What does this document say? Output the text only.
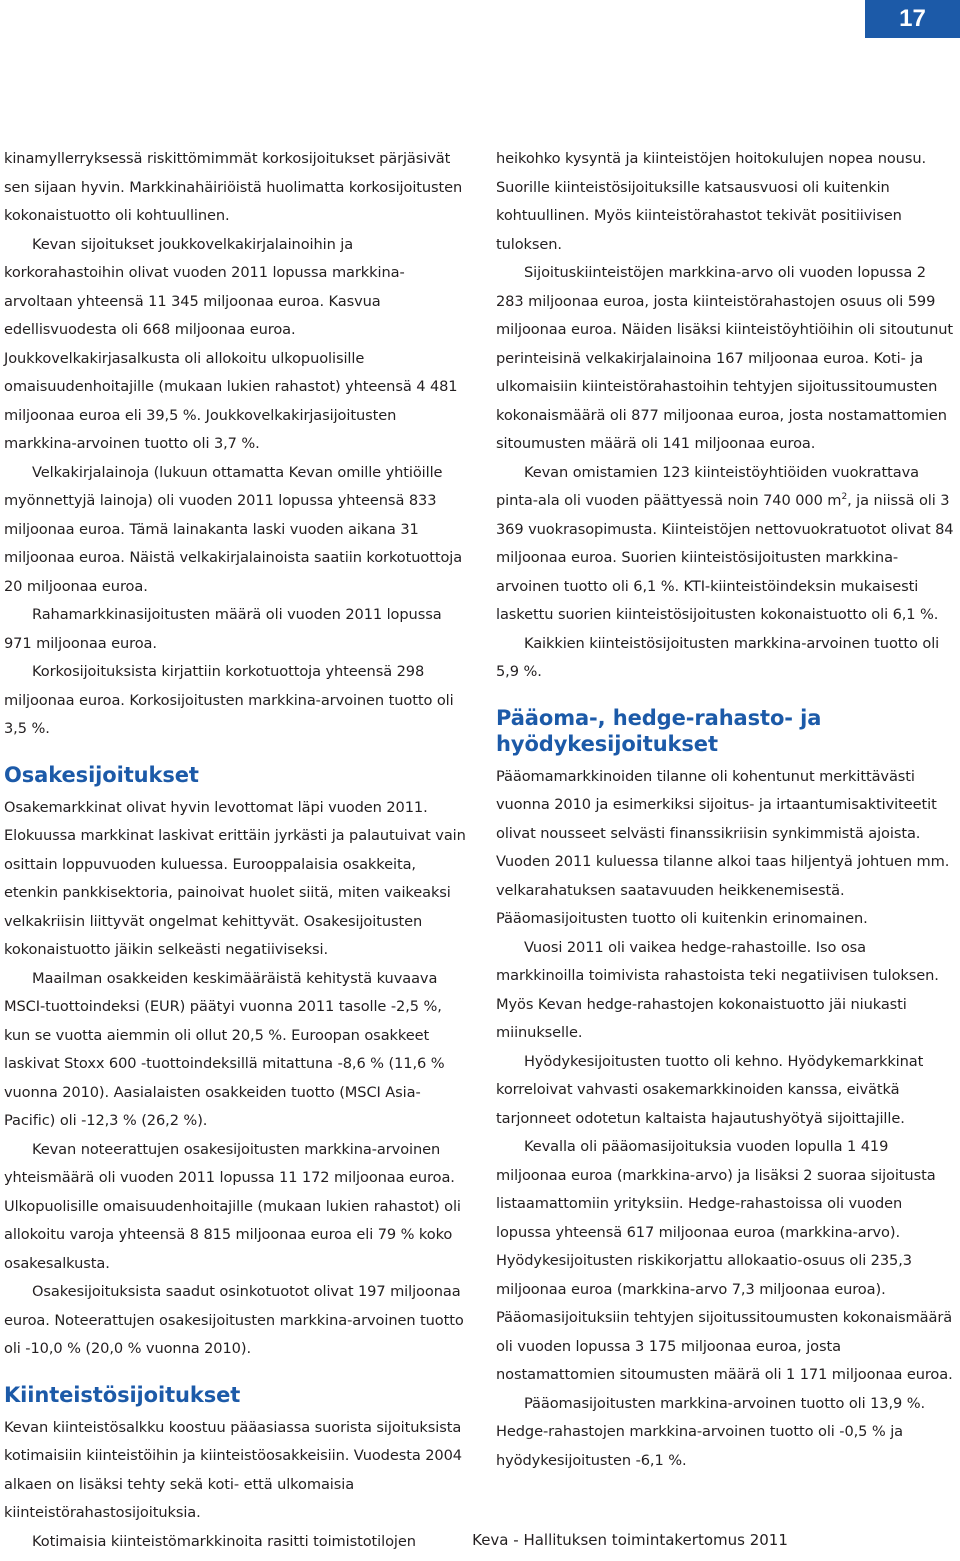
17

kinamyllerryksessä riskittömimmät korkosijoitukset pärjäsivät sen sijaan hyvin. Markkinahäiriöistä huolimatta korkosijoitusten kokonaistuotto oli kohtuullinen.

Kevan sijoitukset joukkovelkakirjalainoihin ja korkorahastoihin olivat vuoden 2011 lopussa markkina-arvoltaan yhteensä 11 345 miljoonaa euroa. Kasvua edellisvuodesta oli 668 miljoonaa euroa. Joukkovelkakirjasalkusta oli allokoitu ulkopuolisille omaisuudenhoitajille (mukaan lukien rahastot) yhteensä 4 481 miljoonaa euroa eli 39,5 %. Joukkovelkakirjasijoitusten markkina-arvoinen tuotto oli 3,7 %.

Velkakirjalainoja (lukuun ottamatta Kevan omille yhtiöille myönnettyjä lainoja) oli vuoden 2011 lopussa yhteensä 833 miljoonaa euroa. Tämä lainakanta laski vuoden aikana 31 miljoonaa euroa. Näistä velkakirjalainoista saatiin korkotuottoja 20 miljoonaa euroa.

Rahamarkkinasijoitusten määrä oli vuoden 2011 lopussa 971 miljoonaa euroa.

Korkosijoituksista kirjattiin korkotuottoja yhteensä 298 miljoonaa euroa. Korkosijoitusten markkina-arvoinen tuotto oli 3,5 %.

Osakesijoitukset

Osakemarkkinat olivat hyvin levottomat läpi vuoden 2011. Elokuussa markkinat laskivat erittäin jyrkästi ja palautuivat vain osittain loppuvuoden kuluessa. Eurooppalaisia osakkeita, etenkin pankkisektoria, painoivat huolet siitä, miten vaikeaksi velkakriisin liittyvät ongelmat kehittyvät. Osakesijoitusten kokonaistuotto jäikin selkeästi negatiiviseksi.

Maailman osakkeiden keskimääräistä kehitystä kuvaava MSCI-tuottoindeksi (EUR) päätyi vuonna 2011 tasolle -2,5 %, kun se vuotta aiemmin oli ollut 20,5 %. Euroopan osakkeet laskivat Stoxx 600 -tuottoindeksillä mitattuna -8,6 % (11,6 % vuonna 2010). Aasialaisten osakkeiden tuotto (MSCI Asia-Pacific) oli -12,3 % (26,2 %).

Kevan noteerattujen osakesijoitusten markkina-arvoinen yhteismäärä oli vuoden 2011 lopussa 11 172 miljoonaa euroa. Ulkopuolisille omaisuudenhoitajille (mukaan lukien rahastot) oli allokoitu varoja yhteensä 8 815 miljoonaa euroa eli 79 % koko osakesalkusta.

Osakesijoituksista saadut osinkotuotot olivat 197 miljoonaa euroa. Noteerattujen osakesijoitusten markkina-arvoinen tuotto oli -10,0 % (20,0 % vuonna 2010).

Kiinteistösijoitukset

Kevan kiinteistösalkku koostuu pääasiassa suorista sijoituksista kotimaisiin kiinteistöihin ja kiinteistöosakkeisiin. Vuodesta 2004 alkaen on lisäksi tehty sekä koti- että ulkomaisia kiinteistörahastosijoituksia.

Kotimaisia kiinteistömarkkinoita rasitti toimistotilojen

heikohko kysyntä ja kiinteistöjen hoitokulujen nopea nousu. Suorille kiinteistösijoituksille katsausvuosi oli kuitenkin kohtuullinen. Myös kiinteistörahastot tekivät positiivisen tuloksen.

Sijoituskiinteistöjen markkina-arvo oli vuoden lopussa 2 283 miljoonaa euroa, josta kiinteistörahastojen osuus oli 599 miljoonaa euroa. Näiden lisäksi kiinteistöyhtiöihin oli sitoutunut perinteisinä velkakirjalainoina 167 miljoonaa euroa. Koti- ja ulkomaisiin kiinteistörahastoihin tehtyjen sijoitussitoumusten kokonaismäärä oli 877 miljoonaa euroa, josta nostamattomien sitoumusten määrä oli 141 miljoonaa euroa.

Kevan omistamien 123 kiinteistöyhtiöiden vuokrattava pinta-ala oli vuoden päättyessä noin 740 000 $m^2$, ja niissä oli 3 369 vuokrasopimusta. Kiinteistöjen nettovuokratuotot olivat 84 miljoonaa euroa. Suorien kiinteistösijoitusten markkina-arvoinen tuotto oli 6,1 %. KTI-kiinteistöindeksin mukaisesti laskettu suorien kiinteistösijoitusten kokonaistuotto oli 6,1 %.

Kaikkien kiinteistösijoitusten markkina-arvoinen tuotto oli 5,9 %.

Pääoma-, hedge-rahasto- ja hyödykesijoitukset

Pääomamarkkinoiden tilanne oli kohentunut merkittävästi vuonna 2010 ja esimerkiksi sijoitus- ja irtaantumisaktiviteetit olivat nousseet selvästi finanssikriisin synkimmistä ajoista. Vuoden 2011 kuluessa tilanne alkoi taas hiljentyä johtuen mm. velkarahatuksen saatavuuden heikkenemisestä. Pääomasijoitusten tuotto oli kuitenkin erinomainen.

Vuosi 2011 oli vaikea hedge-rahastoille. Iso osa markkinoilla toimivista rahastoista teki negatiivisen tuloksen. Myös Kevan hedge-rahastojen kokonaistuotto jäi niukasti miinukselle.

Hyödykesijoitusten tuotto oli kehno. Hyödykemarkkinat korreloivat vahvasti osakemarkkinoiden kanssa, eivätkä tarjonneet odotetun kaltaista hajautushyötyä sijoittajille.

Kevalla oli pääomasijoituksia vuoden lopulla 1 419 miljoonaa euroa (markkina-arvo) ja lisäksi 2 suoraa sijoitusta listaamattomiin yrityksiin. Hedge-rahastoissa oli vuoden lopussa yhteensä 617 miljoonaa euroa (markkina-arvo). Hyödykesijoitusten riskikorjattu allokaatio-osuus oli 235,3 miljoonaa euroa (markkina-arvo 7,3 miljoonaa euroa). Pääomasijoituksiin tehtyjen sijoitussitoumusten kokonaismäärä oli vuoden lopussa 3 175 miljoonaa euroa, josta nostamattomien sitoumusten määrä oli 1 171 miljoonaa euroa.

Pääomasijoitusten markkina-arvoinen tuotto oli 13,9 %. Hedge-rahastojen markkina-arvoinen tuotto oli -0,5 % ja hyödykesijoitusten -6,1 %.

Keva - Hallituksen toimintakertomus 2011
